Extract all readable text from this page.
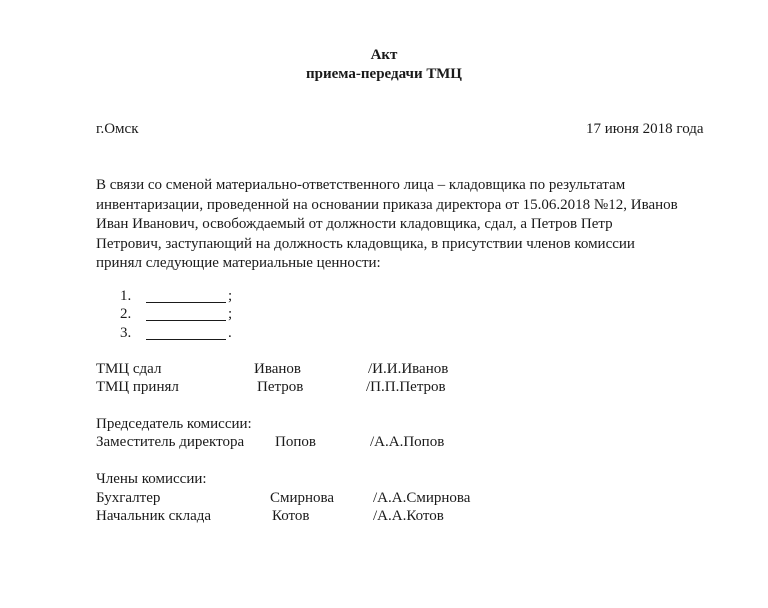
Акт
приема-передачи ТМЦ
г.Омск	17 июня 2018 года
В связи со сменой материально-ответственного лица – кладовщика по результатам
инвентаризации, проведенной на основании приказа директора от 15.06.2018 №12, Иванов
Иван Иванович, освобождаемый от должности кладовщика, сдал, а Петров Петр
Петрович, заступающий на должность кладовщика, в присутствии членов комиссии
принял следующие материальные ценности:
1.	;
2.	;
3.	.
ТМЦ сдал	Иванов	/И.И.Иванов
ТМЦ принял	Петров	/П.П.Петров
Председатель комиссии:
Заместитель директора Попов	/А.А.Попов
Члены комиссии:
Бухгалтер	Смирнова	/А.А.Смирнова
Начальник склада	Котов	/А.А.Котов
